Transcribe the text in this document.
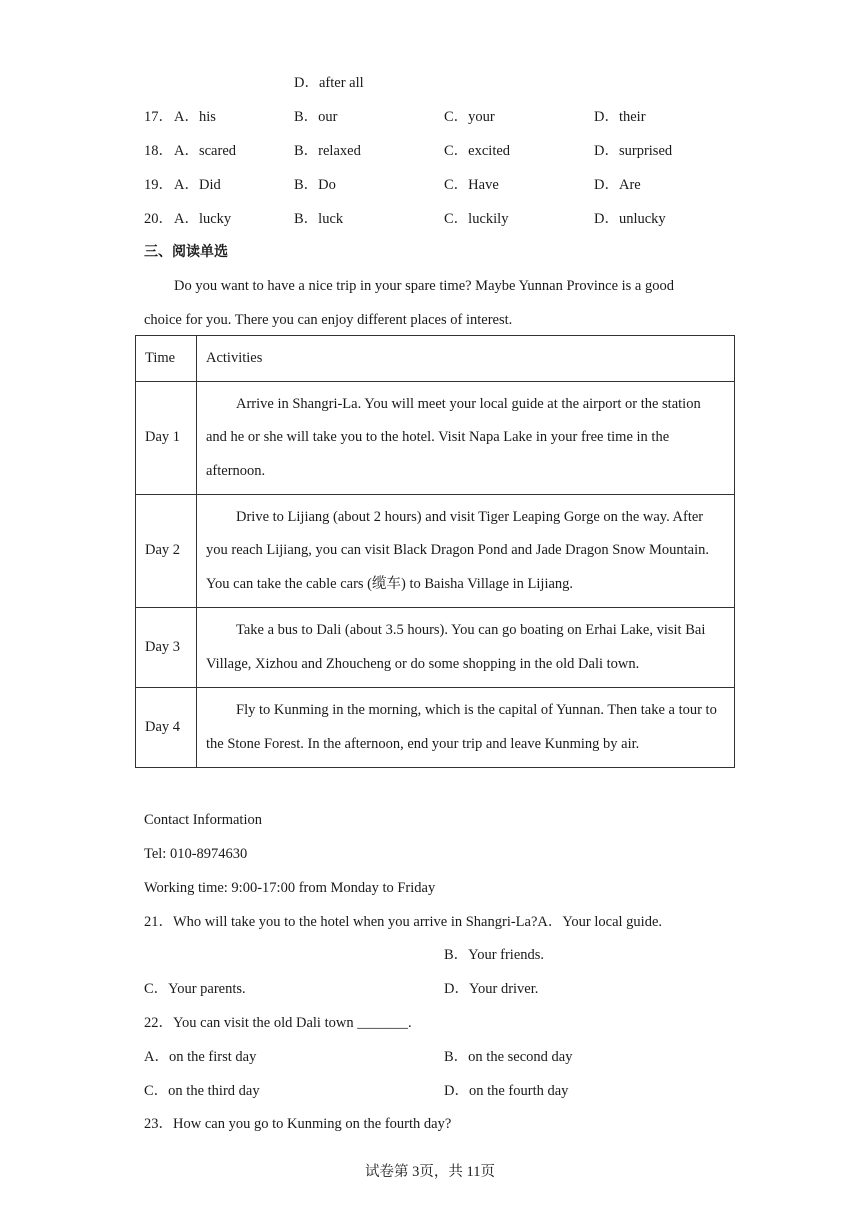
D．after all
17． A．his	B．our	C．your	D．their
18． A．scared	B．relaxed	C．excited	D．surprised
19． A．Did	B．Do	C．Have	D．Are
20． A．lucky	B．luck	C．luckily	D．unlucky
三、阅读单选
Do you want to have a nice trip in your spare time? Maybe Yunnan Province is a good
choice for you. There you can enjoy different places of interest.
Time	Activities
Day 1	Arrive in Shangri-La. You will meet your local guide at the airport or the station and he or she will take you to the hotel. Visit Napa Lake in your free time in the afternoon.
Day 2	Drive to Lijiang (about 2 hours) and visit Tiger Leaping Gorge on the way. After you reach Lijiang, you can visit Black Dragon Pond and Jade Dragon Snow Mountain. You can take the cable cars (缆车) to Baisha Village in Lijiang.
Day 3	Take a bus to Dali (about 3.5 hours). You can go boating on Erhai Lake, visit Bai Village, Xizhou and Zhoucheng or do some shopping in the old Dali town.
Day 4	Fly to Kunming in the morning, which is the capital of Yunnan. Then take a tour to the Stone Forest. In the afternoon, end your trip and leave Kunming by air.
Contact Information
Tel: 010-8974630
Working time: 9:00-17:00 from Monday to Friday
21．Who will take you to the hotel when you arrive in Shangri-La?A．Your local guide.
B．Your friends.
C．Your parents.	D．Your driver.
22．You can visit the old Dali town _______.
A．on the first day	B．on the second day
C．on the third day	D．on the fourth day
23．How can you go to Kunming on the fourth day?
试卷第 3页，共 11页
